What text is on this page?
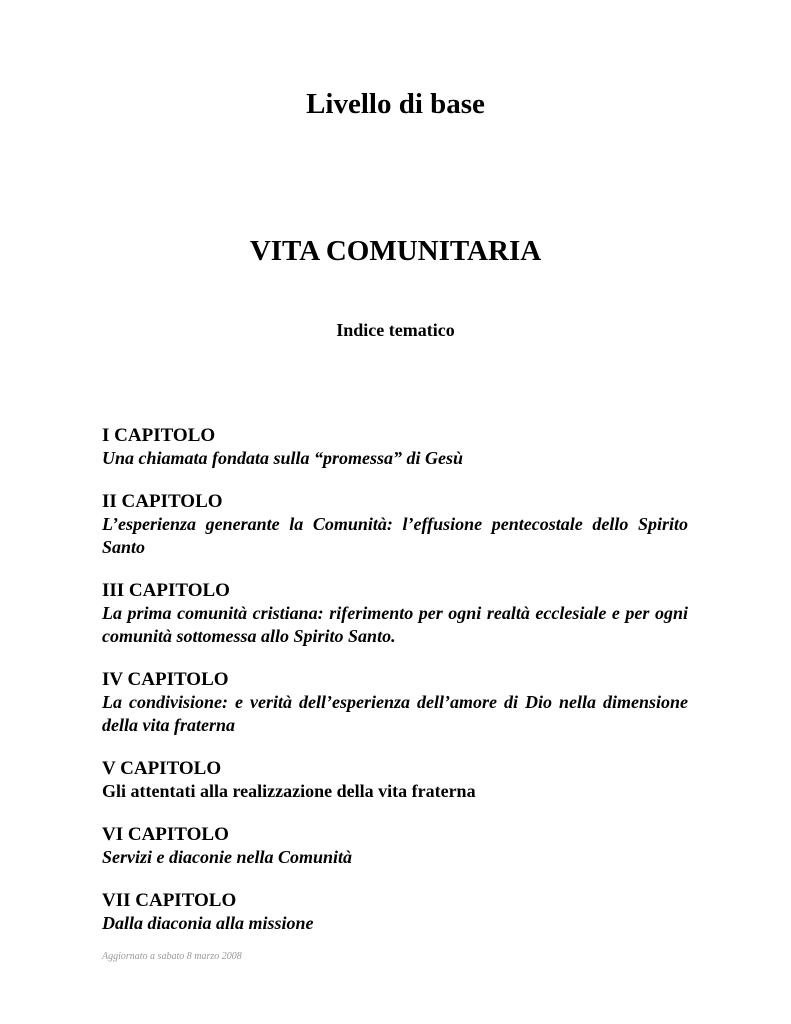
Livello di base
VITA COMUNITARIA
Indice tematico

I CAPITOLO

Una chiamata fondata sulla “promessa” di Gesù

II CAPITOLO

L’esperienza generante la Comunità: l’effusione pentecostale dello Spirito Santo

III CAPITOLO

La prima comunità cristiana: riferimento per ogni realtà ecclesiale e per ogni comunità sottomessa allo Spirito Santo.

IV CAPITOLO

La condivisione: e verità dell’esperienza dell’amore di Dio nella dimensione della vita fraterna

V CAPITOLO

Gli attentati alla realizzazione della vita fraterna

VI CAPITOLO

Servizi e diaconie nella Comunità

VII CAPITOLO

Dalla diaconia alla missione

Aggiornato a sabato 8 marzo 2008
